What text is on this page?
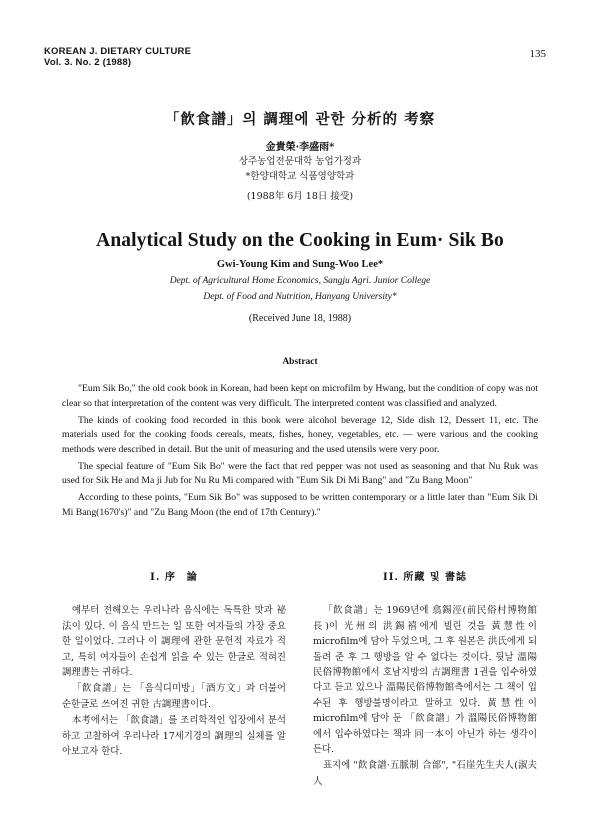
KOREAN J. DIETARY CULTURE
Vol. 3. No. 2 (1988)
135
「飮食譜」의 調理에 관한 分析的 考察
金貴榮·李盛雨*
상주농업전문대학 농업가정과
*한양대학교 식품영양학과
(1988年 6月 18日 接受)
Analytical Study on the Cooking in Eum· Sik Bo
Gwi-Young Kim and Sung-Woo Lee*
Dept. of Agricultural Home Economics, Sangju Agri. Junior College
Dept. of Food and Nutrition, Hanyang University*
(Received June 18, 1988)
Abstract

"Eum Sik Bo," the old cook book in Korean, had been kept on microfilm by Hwang, but the condition of copy was not clear so that interpretation of the content was very difficult. The interpreted content was classified and analyzed.

The kinds of cooking food recorded in this book were alcohol beverage 12, Side dish 12, Dessert 11, etc. The materials used for the cooking foods cereals, meats, fishes, honey, vegetables, etc. — were various and the cooking methods were described in detail. But the unit of measuring and the used utensils were very poor.

The special feature of "Eum Sik Bo" were the fact that red pepper was not used as seasoning and that Nu Ruk was used for Sik He and Ma ji Jub for Nu Ru Mi compared with "Eum Sik Di Mi Bang" and "Zu Bang Moon"

According to these points, "Eum Sik Bo" was supposed to be written contemporary or a little later than "Eum Sik Di Mi Bang(1670's)" and "Zu Bang Moon (the end of 17th Century)."

I. 序　論

예부터 전해오는 우리나라 음식에는 독특한 맛과 祕法이 있다. 이 음식 만드는 일 또한 여자들의 가장 중요한 일이었다. 그러나 이 調理에 관한 문헌적 자료가 적고, 특히 여자들이 손쉽게 읽을 수 있는 한글로 적혀진 調理書는 귀하다.

「飮食譜」는 「음식디미방」「酒方文」과 더불어 순한글로 쓰여진 귀한 古調理書이다.

本考에서는 「飮食譜」를 조리학적인 입장에서 분석하고 고찰하여 우리나라 17세기경의 調理의 실체를 알아보고자 한다.

II. 所藏 및 書誌

「飮食譜」는 1969년에 翕錫涇(前民俗村博物館長)이 光州의 洪錫禧에게 빌린 것을 黃慧性이 microfilm에 담아 두었으며, 그 후 원본은 洪氏에게 되돌려 준 후 그 행방을 알 수 없다는 것이다. 뒷날 溫陽 民俗博物館에서 호남지방의 古調理書 1권을 입수하였다고 듣고 있으나 溫陽民俗博物館측에서는 그 책이 입수된 후 행방불명이라고 말하고 있다. 黃慧性이 microfilm에 담아 둔 「飮食譜」가 溫陽民俗博物館에서 입수하였다는 책과 同一本이 아닌가 하는 생각이 든다.

표지에 "飮食譜·五脈制 合部", "石崖先生夫人(淑夫人
